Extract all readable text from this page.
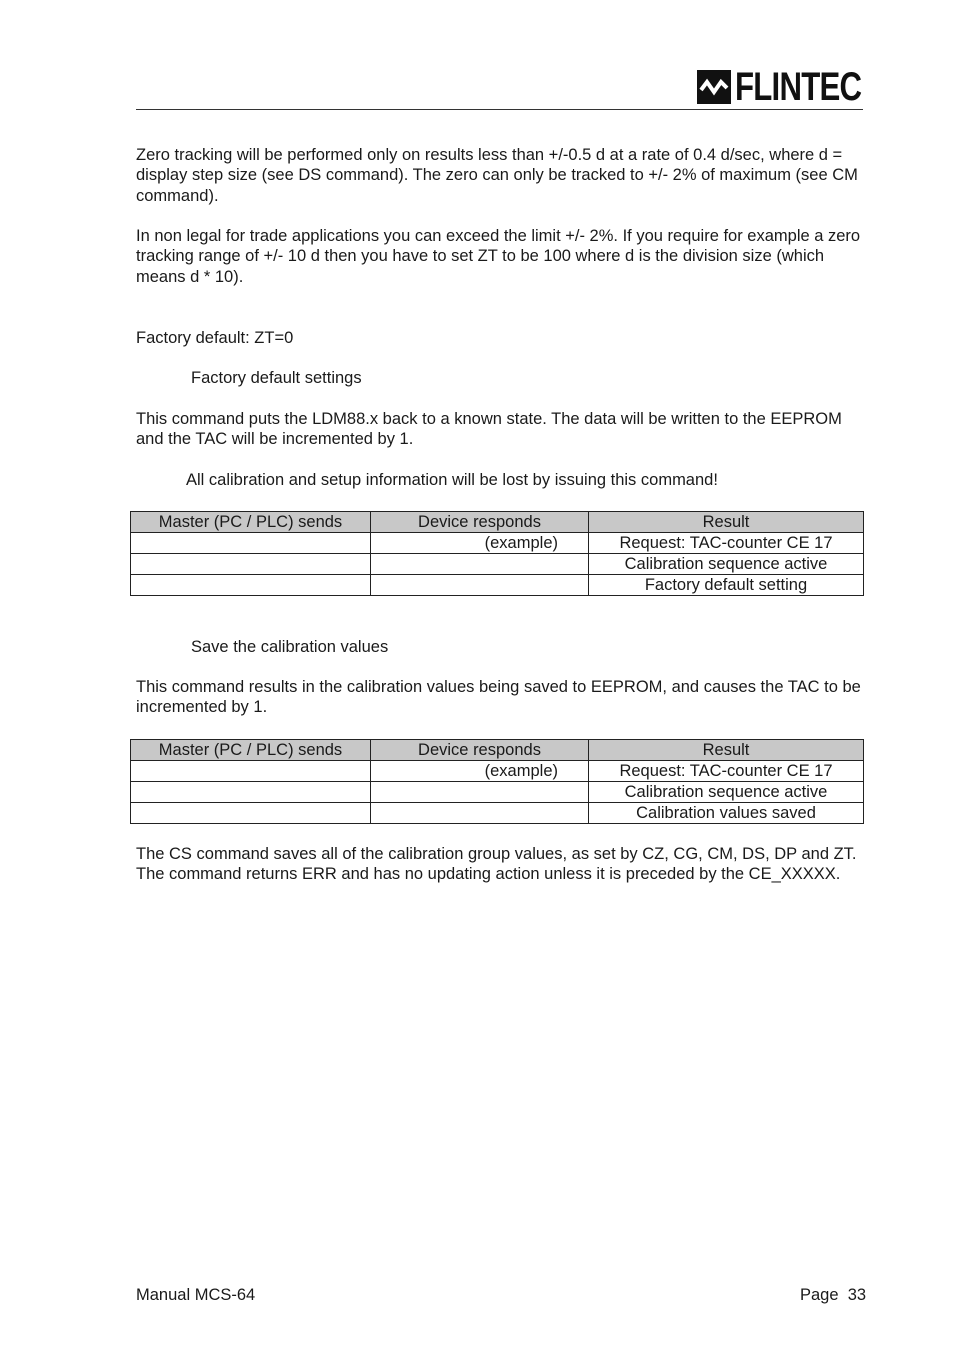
FLINTEC

Zero tracking will be performed only on results less than +/-0.5 d at a rate of 0.4 d/sec, where d = display step size (see DS command). The zero can only be tracked to +/- 2% of maximum (see CM command).

In non legal for trade applications you can exceed the limit +/- 2%. If you require for example a zero tracking range of +/- 10 d then you have to set ZT to be 100 where d is the division size (which means d * 10).

Factory default: ZT=0

Factory default settings

This command puts the LDM88.x back to a known state. The data will be written to the EEPROM and the TAC will be incremented by 1.

All calibration and setup information will be lost by issuing this command!

Master (PC / PLC) sends	Device responds	Result
	(example)	Request: TAC-counter CE 17
		Calibration sequence active
		Factory default setting

Save the calibration values

This command results in the calibration values being saved to EEPROM, and causes the TAC to be incremented by 1.

Master (PC / PLC) sends	Device responds	Result
	(example)	Request: TAC-counter CE 17
		Calibration sequence active
		Calibration values saved

The CS command saves all of the calibration group values, as set by CZ, CG, CM, DS, DP and ZT. The command returns ERR and has no updating action unless it is preceded by the CE_XXXXX.

Manual MCS-64	Page  33
